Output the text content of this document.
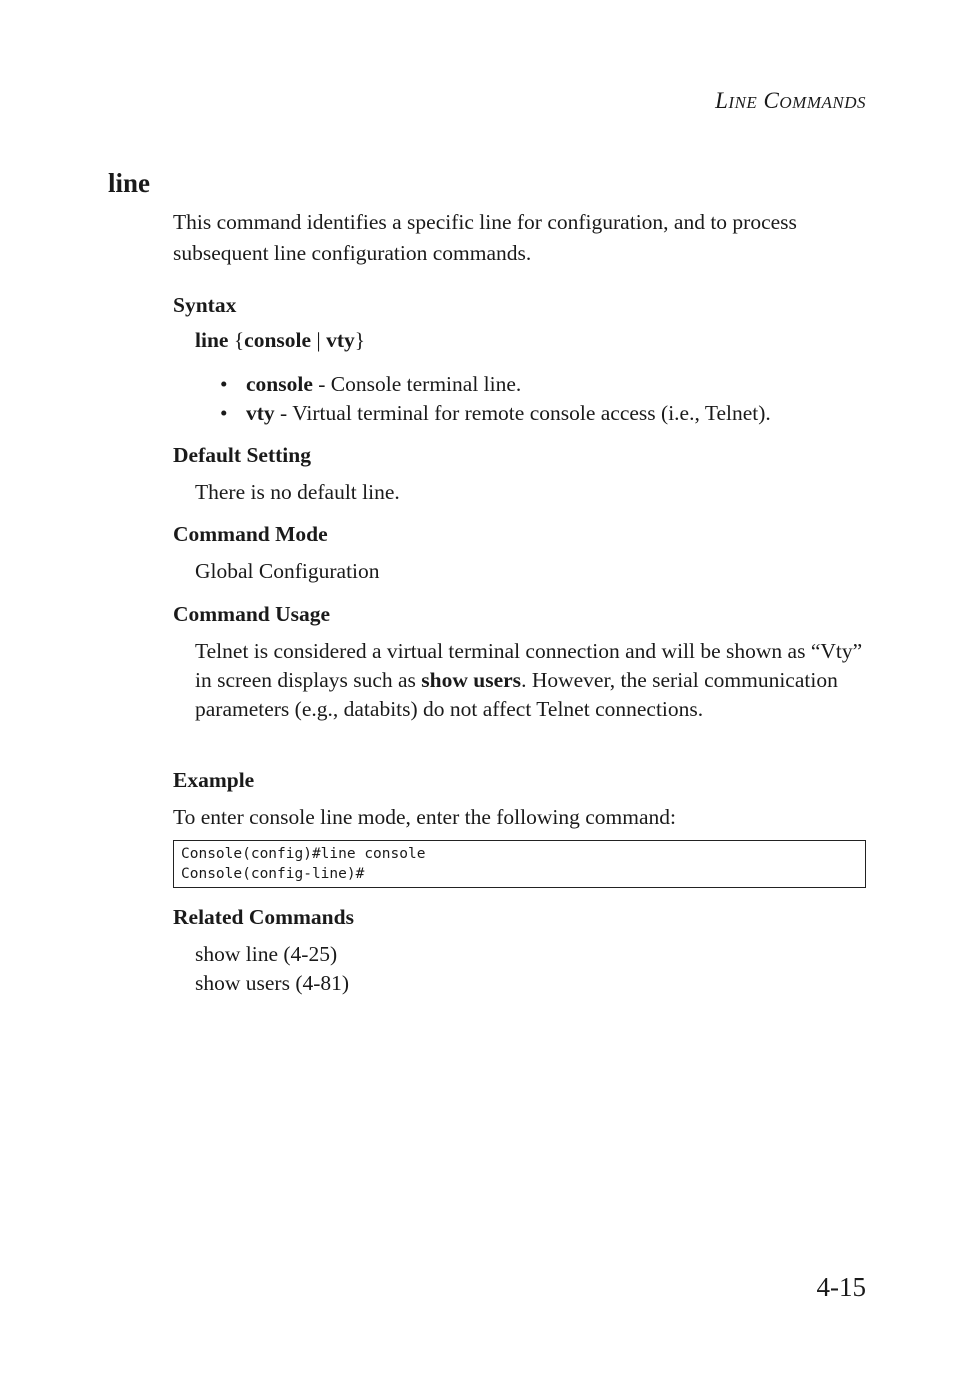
LINE COMMANDS
line

This command identifies a specific line for configuration, and to process subsequent line configuration commands.

Syntax
line {console | vty}
• console - Console terminal line.
• vty - Virtual terminal for remote console access (i.e., Telnet).
Default Setting

There is no default line.

Command Mode

Global Configuration

Command Usage

Telnet is considered a virtual terminal connection and will be shown as “Vty” in screen displays such as show users. However, the serial communication parameters (e.g., databits) do not affect Telnet connections.

Example

To enter console line mode, enter the following command:

Console(config)#line console
Console(config-line)#
Related Commands
show line (4-25)
show users (4-81)
4-15
